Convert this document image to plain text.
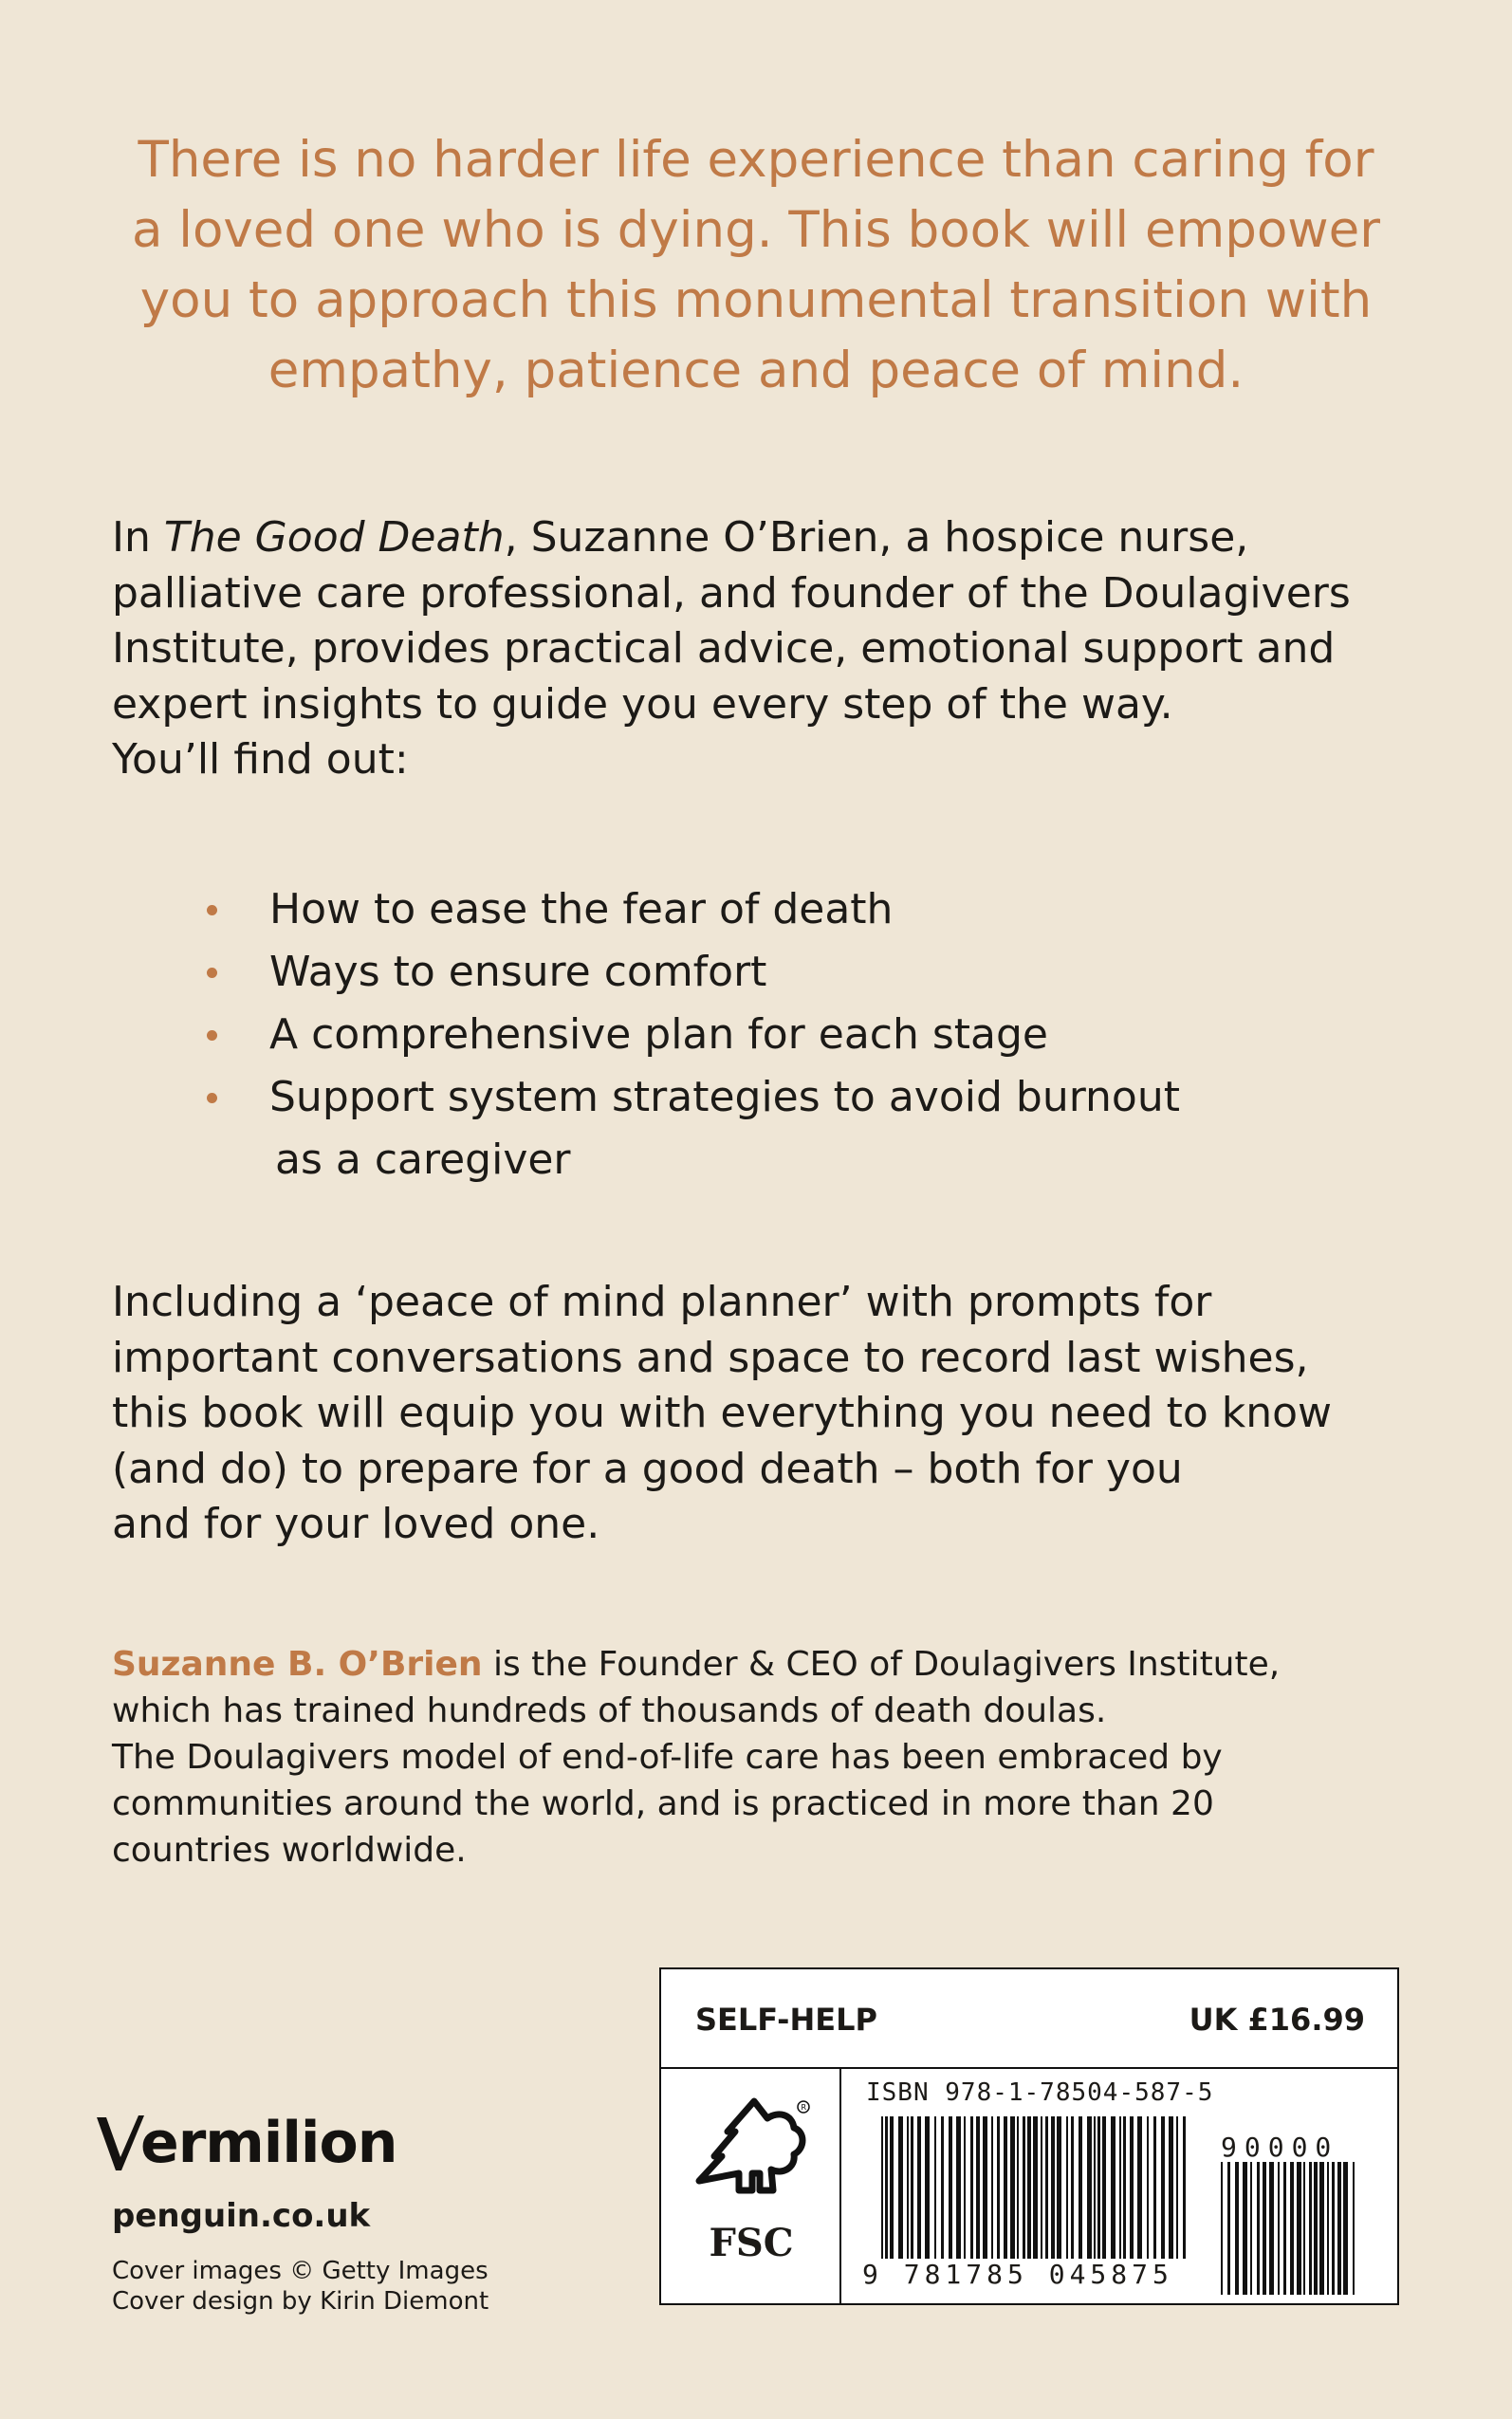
There is no harder life experience than caring for
a loved one who is dying. This book will empower
you to approach this monumental transition with
empathy, patience and peace of mind.
In The Good Death, Suzanne O’Brien, a hospice nurse,
palliative care professional, and founder of the Doulagivers
Institute, provides practical advice, emotional support and
expert insights to guide you every step of the way.
You’ll find out:
How to ease the fear of death
Ways to ensure comfort
A comprehensive plan for each stage
Support system strategies to avoid burnout
as a caregiver
Including a ‘peace of mind planner’ with prompts for
important conversations and space to record last wishes,
this book will equip you with everything you need to know
(and do) to prepare for a good death – both for you
and for your loved one.
Suzanne B. O’Brien is the Founder & CEO of Doulagivers Institute,
which has trained hundreds of thousands of death doulas.
The Doulagivers model of end-of-life care has been embraced by
communities around the world, and is practiced in more than 20
countries worldwide.
ermilion
penguin.co.uk
Cover images © Getty Images
Cover design by Kirin Diemont
SELF-HELP	UK £16.99
R
FSC
ISBN 978-1-78504-587-5
9 781785 045875
90000
